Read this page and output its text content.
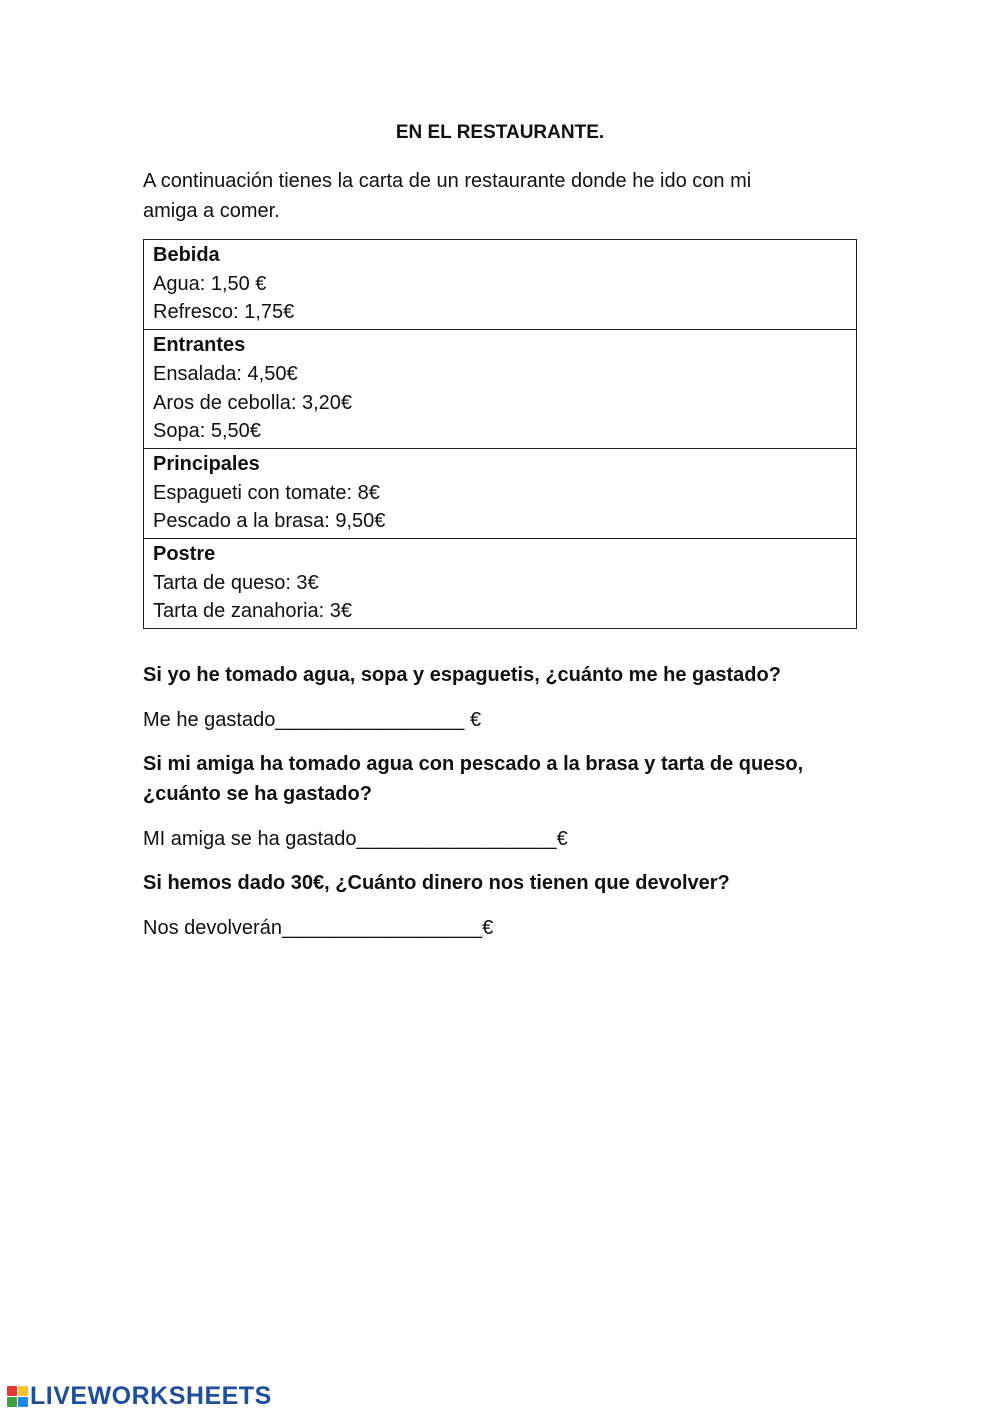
EN EL RESTAURANTE.
A continuación tienes la carta de un restaurante donde he ido con mi
amiga a comer.
Bebida
Agua: 1,50 €
Refresco: 1,75€
Entrantes
Ensalada: 4,50€
Aros de cebolla: 3,20€
Sopa: 5,50€
Principales
Espagueti con tomate: 8€
Pescado a la brasa: 9,50€
Postre
Tarta de queso: 3€
Tarta de zanahoria: 3€
Si yo he tomado agua, sopa y espaguetis, ¿cuánto me he gastado?
Me he gastado_________________ €
Si mi amiga ha tomado agua con pescado a la brasa y tarta de queso,
¿cuánto se ha gastado?
MI amiga se ha gastado__________________€
Si hemos dado 30€, ¿Cuánto dinero nos tienen que devolver?
Nos devolverán__________________€
LIVEWORKSHEETS
